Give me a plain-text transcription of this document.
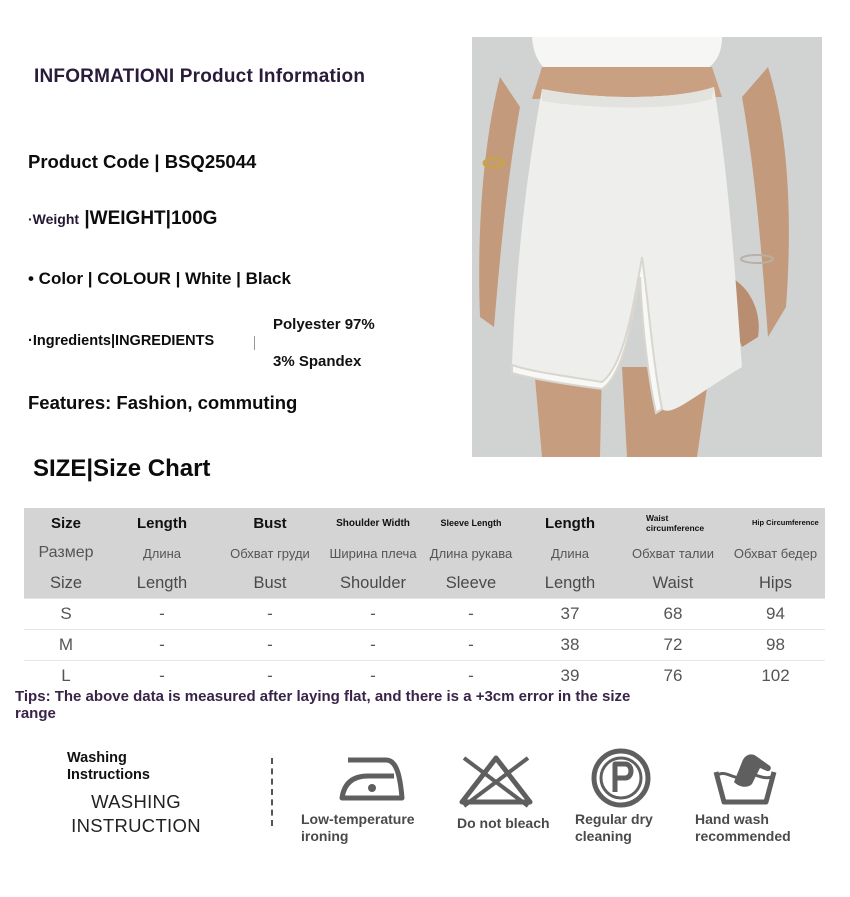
INFORMATIONI Product Information
Product Code | BSQ25044
·Weight |WEIGHT|100G
• Color | COLOUR | White | Black
·Ingredients|INGREDIENTS
Polyester 97%
3% Spandex
Features: Fashion, commuting
SIZE|Size Chart
Size	Length	Bust	Shoulder Width	Sleeve Length	Length	Waist circumference	Hip Circumference
Размер	Длина	Обхват груди	Ширина плеча	Длина рукава	Длина	Обхват талии	Обхват бедер
Size	Length	Bust	Shoulder	Sleeve	Length	Waist	Hips
S	-	-	-	-	37	68	94
M	-	-	-	-	38	72	98
L	-	-	-	-	39	76	102
Tips: The above data is measured after laying flat, and there is a +3cm error in the size range
Washing Instructions
WASHING INSTRUCTION	Low-temperature
ironing
Do not bleach Regular dry
cleaning
Hand wash
recommended
